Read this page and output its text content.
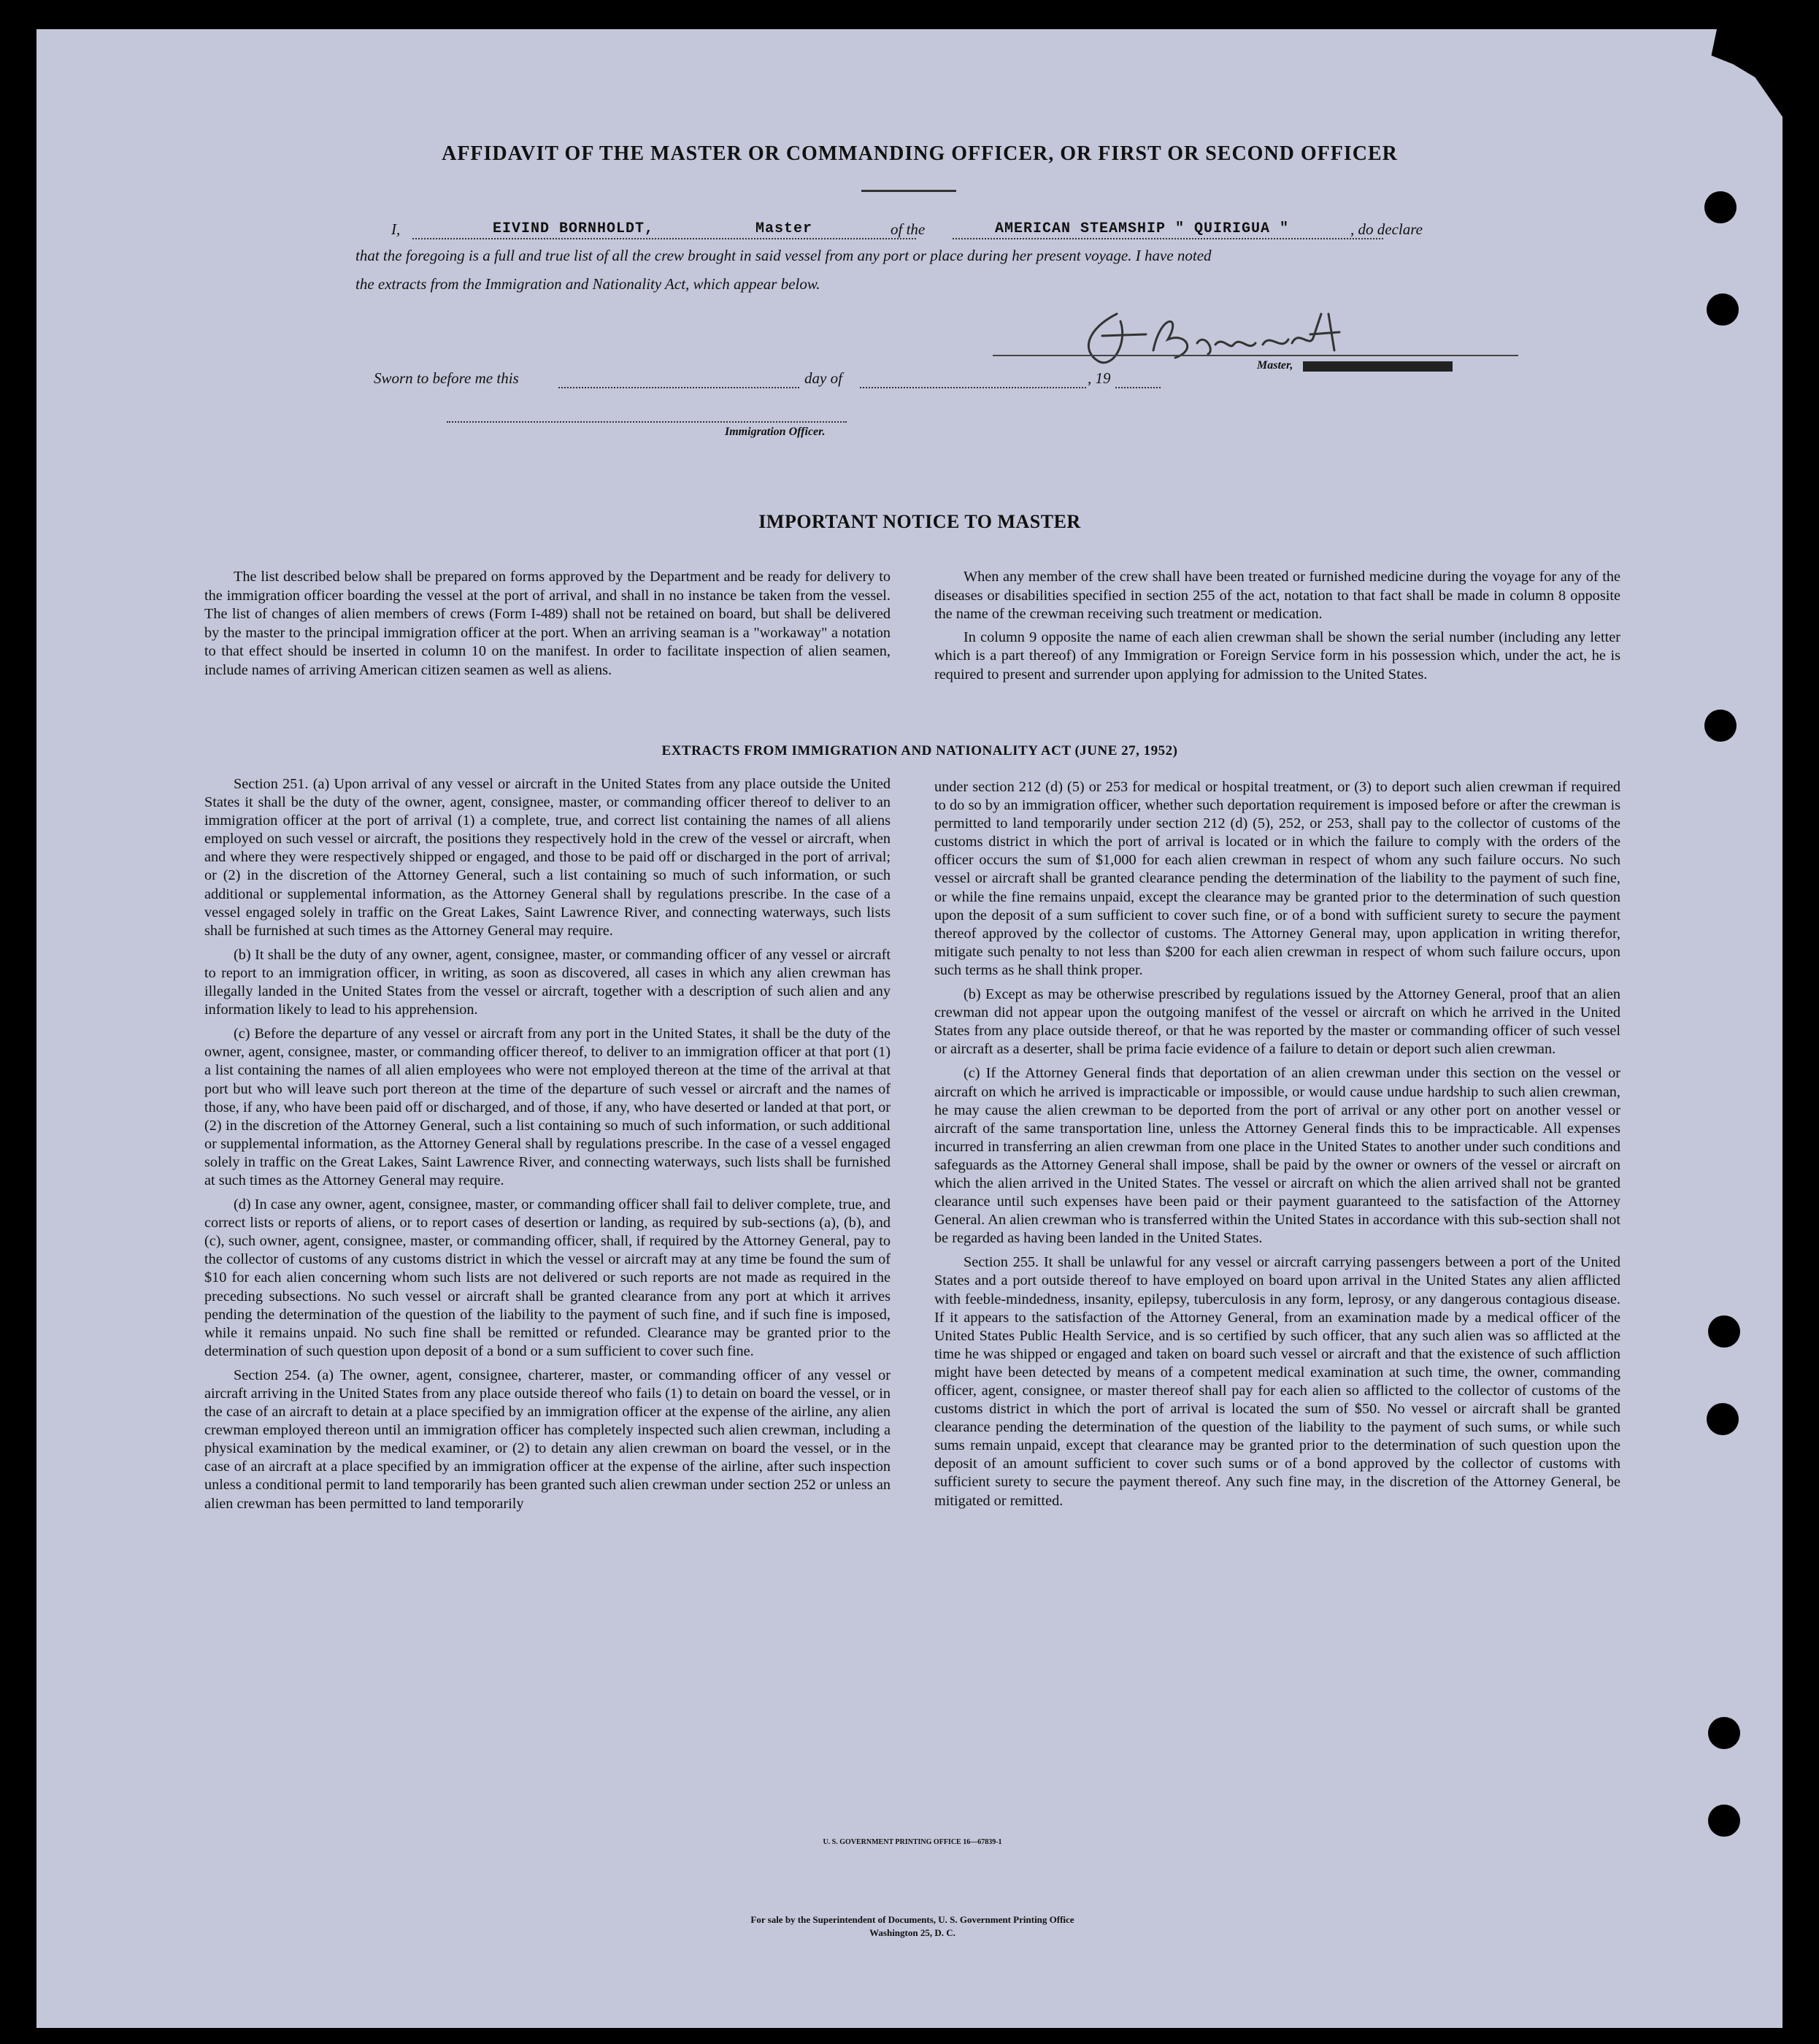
AFFIDAVIT OF THE MASTER OR COMMANDING OFFICER, OR FIRST OR SECOND OFFICER
I,	EIVIND BORNHOLDT,	Master	of the	AMERICAN STEAMSHIP " QUIRIGUA "	, do declare
that the foregoing is a full and true list of all the crew brought in said vessel from any port or place during her present voyage. I have noted
the extracts from the Immigration and Nationality Act, which appear below.
Master,
Sworn to before me this	day of	, 19
Immigration Officer.
IMPORTANT NOTICE TO MASTER

The list described below shall be prepared on forms approved by the Department and be ready for delivery to the immigration officer boarding the vessel at the port of arrival, and shall in no instance be taken from the vessel. The list of changes of alien members of crews (Form I-489) shall not be retained on board, but shall be delivered by the master to the principal immigration officer at the port. When an arriving seaman is a "workaway" a notation to that effect should be inserted in column 10 on the manifest. In order to facilitate inspection of alien seamen, include names of arriving American citizen seamen as well as aliens.

When any member of the crew shall have been treated or furnished medicine during the voyage for any of the diseases or disabilities specified in section 255 of the act, notation to that fact shall be made in column 8 opposite the name of the crewman receiving such treatment or medication.

In column 9 opposite the name of each alien crewman shall be shown the serial number (including any letter which is a part thereof) of any Immigration or Foreign Service form in his possession which, under the act, he is required to present and surrender upon applying for admission to the United States.

EXTRACTS FROM IMMIGRATION AND NATIONALITY ACT (JUNE 27, 1952)

Section 251. (a) Upon arrival of any vessel or aircraft in the United States from any place outside the United States it shall be the duty of the owner, agent, consignee, master, or commanding officer thereof to deliver to an immigration officer at the port of arrival (1) a complete, true, and correct list containing the names of all aliens employed on such vessel or aircraft, the positions they respectively hold in the crew of the vessel or aircraft, when and where they were respectively shipped or engaged, and those to be paid off or discharged in the port of arrival; or (2) in the discretion of the Attorney General, such a list containing so much of such information, or such additional or supplemental information, as the Attorney General shall by regulations prescribe. In the case of a vessel engaged solely in traffic on the Great Lakes, Saint Lawrence River, and connecting waterways, such lists shall be furnished at such times as the Attorney General may require.

(b) It shall be the duty of any owner, agent, consignee, master, or commanding officer of any vessel or aircraft to report to an immigration officer, in writing, as soon as discovered, all cases in which any alien crewman has illegally landed in the United States from the vessel or aircraft, together with a description of such alien and any information likely to lead to his apprehension.

(c) Before the departure of any vessel or aircraft from any port in the United States, it shall be the duty of the owner, agent, consignee, master, or commanding officer thereof, to deliver to an immigration officer at that port (1) a list containing the names of all alien employees who were not employed thereon at the time of the arrival at that port but who will leave such port thereon at the time of the departure of such vessel or aircraft and the names of those, if any, who have been paid off or discharged, and of those, if any, who have deserted or landed at that port, or (2) in the discretion of the Attorney General, such a list containing so much of such information, or such additional or supplemental information, as the Attorney General shall by regulations prescribe. In the case of a vessel engaged solely in traffic on the Great Lakes, Saint Lawrence River, and connecting waterways, such lists shall be furnished at such times as the Attorney General may require.

(d) In case any owner, agent, consignee, master, or commanding officer shall fail to deliver complete, true, and correct lists or reports of aliens, or to report cases of desertion or landing, as required by sub-sections (a), (b), and (c), such owner, agent, consignee, master, or commanding officer, shall, if required by the Attorney General, pay to the collector of customs of any customs district in which the vessel or aircraft may at any time be found the sum of $10 for each alien concerning whom such lists are not delivered or such reports are not made as required in the preceding subsections. No such vessel or aircraft shall be granted clearance from any port at which it arrives pending the determination of the question of the liability to the payment of such fine, and if such fine is imposed, while it remains unpaid. No such fine shall be remitted or refunded. Clearance may be granted prior to the determination of such question upon deposit of a bond or a sum sufficient to cover such fine.

Section 254. (a) The owner, agent, consignee, charterer, master, or commanding officer of any vessel or aircraft arriving in the United States from any place outside thereof who fails (1) to detain on board the vessel, or in the case of an aircraft to detain at a place specified by an immigration officer at the expense of the airline, any alien crewman employed thereon until an immigration officer has completely inspected such alien crewman, including a physical examination by the medical examiner, or (2) to detain any alien crewman on board the vessel, or in the case of an aircraft at a place specified by an immigration officer at the expense of the airline, after such inspection unless a conditional permit to land temporarily has been granted such alien crewman under section 252 or unless an alien crewman has been permitted to land temporarily

under section 212 (d) (5) or 253 for medical or hospital treatment, or (3) to deport such alien crewman if required to do so by an immigration officer, whether such deportation requirement is imposed before or after the crewman is permitted to land temporarily under section 212 (d) (5), 252, or 253, shall pay to the collector of customs of the customs district in which the port of arrival is located or in which the failure to comply with the orders of the officer occurs the sum of $1,000 for each alien crewman in respect of whom any such failure occurs. No such vessel or aircraft shall be granted clearance pending the determination of the liability to the payment of such fine, or while the fine remains unpaid, except the clearance may be granted prior to the determination of such question upon the deposit of a sum sufficient to cover such fine, or of a bond with sufficient surety to secure the payment thereof approved by the collector of customs. The Attorney General may, upon application in writing therefor, mitigate such penalty to not less than $200 for each alien crewman in respect of whom such failure occurs, upon such terms as he shall think proper.

(b) Except as may be otherwise prescribed by regulations issued by the Attorney General, proof that an alien crewman did not appear upon the outgoing manifest of the vessel or aircraft on which he arrived in the United States from any place outside thereof, or that he was reported by the master or commanding officer of such vessel or aircraft as a deserter, shall be prima facie evidence of a failure to detain or deport such alien crewman.

(c) If the Attorney General finds that deportation of an alien crewman under this section on the vessel or aircraft on which he arrived is impracticable or impossible, or would cause undue hardship to such alien crewman, he may cause the alien crewman to be deported from the port of arrival or any other port on another vessel or aircraft of the same transportation line, unless the Attorney General finds this to be impracticable. All expenses incurred in transferring an alien crewman from one place in the United States to another under such conditions and safeguards as the Attorney General shall impose, shall be paid by the owner or owners of the vessel or aircraft on which the alien arrived in the United States. The vessel or aircraft on which the alien arrived shall not be granted clearance until such expenses have been paid or their payment guaranteed to the satisfaction of the Attorney General. An alien crewman who is transferred within the United States in accordance with this sub-section shall not be regarded as having been landed in the United States.

Section 255. It shall be unlawful for any vessel or aircraft carrying passengers between a port of the United States and a port outside thereof to have employed on board upon arrival in the United States any alien afflicted with feeble-mindedness, insanity, epilepsy, tuberculosis in any form, leprosy, or any dangerous contagious disease. If it appears to the satisfaction of the Attorney General, from an examination made by a medical officer of the United States Public Health Service, and is so certified by such officer, that any such alien was so afflicted at the time he was shipped or engaged and taken on board such vessel or aircraft and that the existence of such affliction might have been detected by means of a competent medical examination at such time, the owner, commanding officer, agent, consignee, or master thereof shall pay for each alien so afflicted to the collector of customs of the customs district in which the port of arrival is located the sum of $50. No vessel or aircraft shall be granted clearance pending the determination of the question of the liability to the payment of such sums, or while such sums remain unpaid, except that clearance may be granted prior to the determination of such question upon the deposit of an amount sufficient to cover such sums or of a bond approved by the collector of customs with sufficient surety to secure the payment thereof. Any such fine may, in the discretion of the Attorney General, be mitigated or remitted.

U. S. GOVERNMENT PRINTING OFFICE 16—67839-1
For sale by the Superintendent of Documents, U. S. Government Printing Office
Washington 25, D. C.
